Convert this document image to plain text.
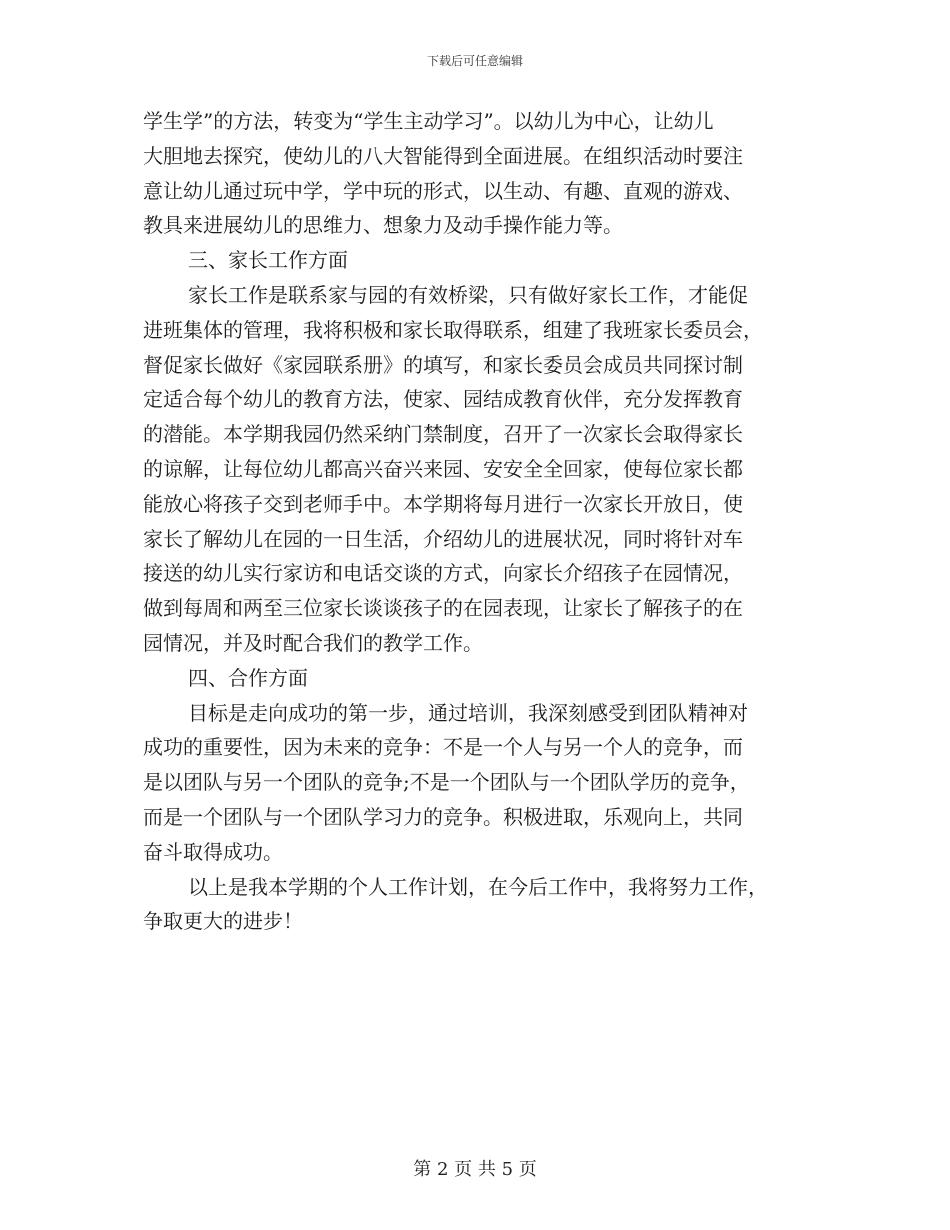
下载后可任意编辑
学生学”的方法，转变为“学生主动学习”。以幼儿为中心，让幼儿
大胆地去探究，使幼儿的八大智能得到全面进展。在组织活动时要注
意让幼儿通过玩中学，学中玩的形式，以生动、有趣、直观的游戏、
教具来进展幼儿的思维力、想象力及动手操作能力等。
三、家长工作方面
家长工作是联系家与园的有效桥梁，只有做好家长工作，才能促
进班集体的管理，我将积极和家长取得联系，组建了我班家长委员会，
督促家长做好《家园联系册》的填写，和家长委员会成员共同探讨制
定适合每个幼儿的教育方法，使家、园结成教育伙伴，充分发挥教育
的潜能。本学期我园仍然采纳门禁制度，召开了一次家长会取得家长
的谅解，让每位幼儿都高兴奋兴来园、安安全全回家，使每位家长都
能放心将孩子交到老师手中。本学期将每月进行一次家长开放日，使
家长了解幼儿在园的一日生活，介绍幼儿的进展状况，同时将针对车
接送的幼儿实行家访和电话交谈的方式，向家长介绍孩子在园情况，
做到每周和两至三位家长谈谈孩子的在园表现，让家长了解孩子的在
园情况，并及时配合我们的教学工作。
四、合作方面
目标是走向成功的第一步，通过培训，我深刻感受到团队精神对
成功的重要性，因为未来的竞争：不是一个人与另一个人的竞争，而
是以团队与另一个团队的竞争;不是一个团队与一个团队学历的竞争，
而是一个团队与一个团队学习力的竞争。积极进取，乐观向上，共同
奋斗取得成功。
以上是我本学期的个人工作计划，在今后工作中，我将努力工作，
争取更大的进步！
第 2 页 共 5 页
